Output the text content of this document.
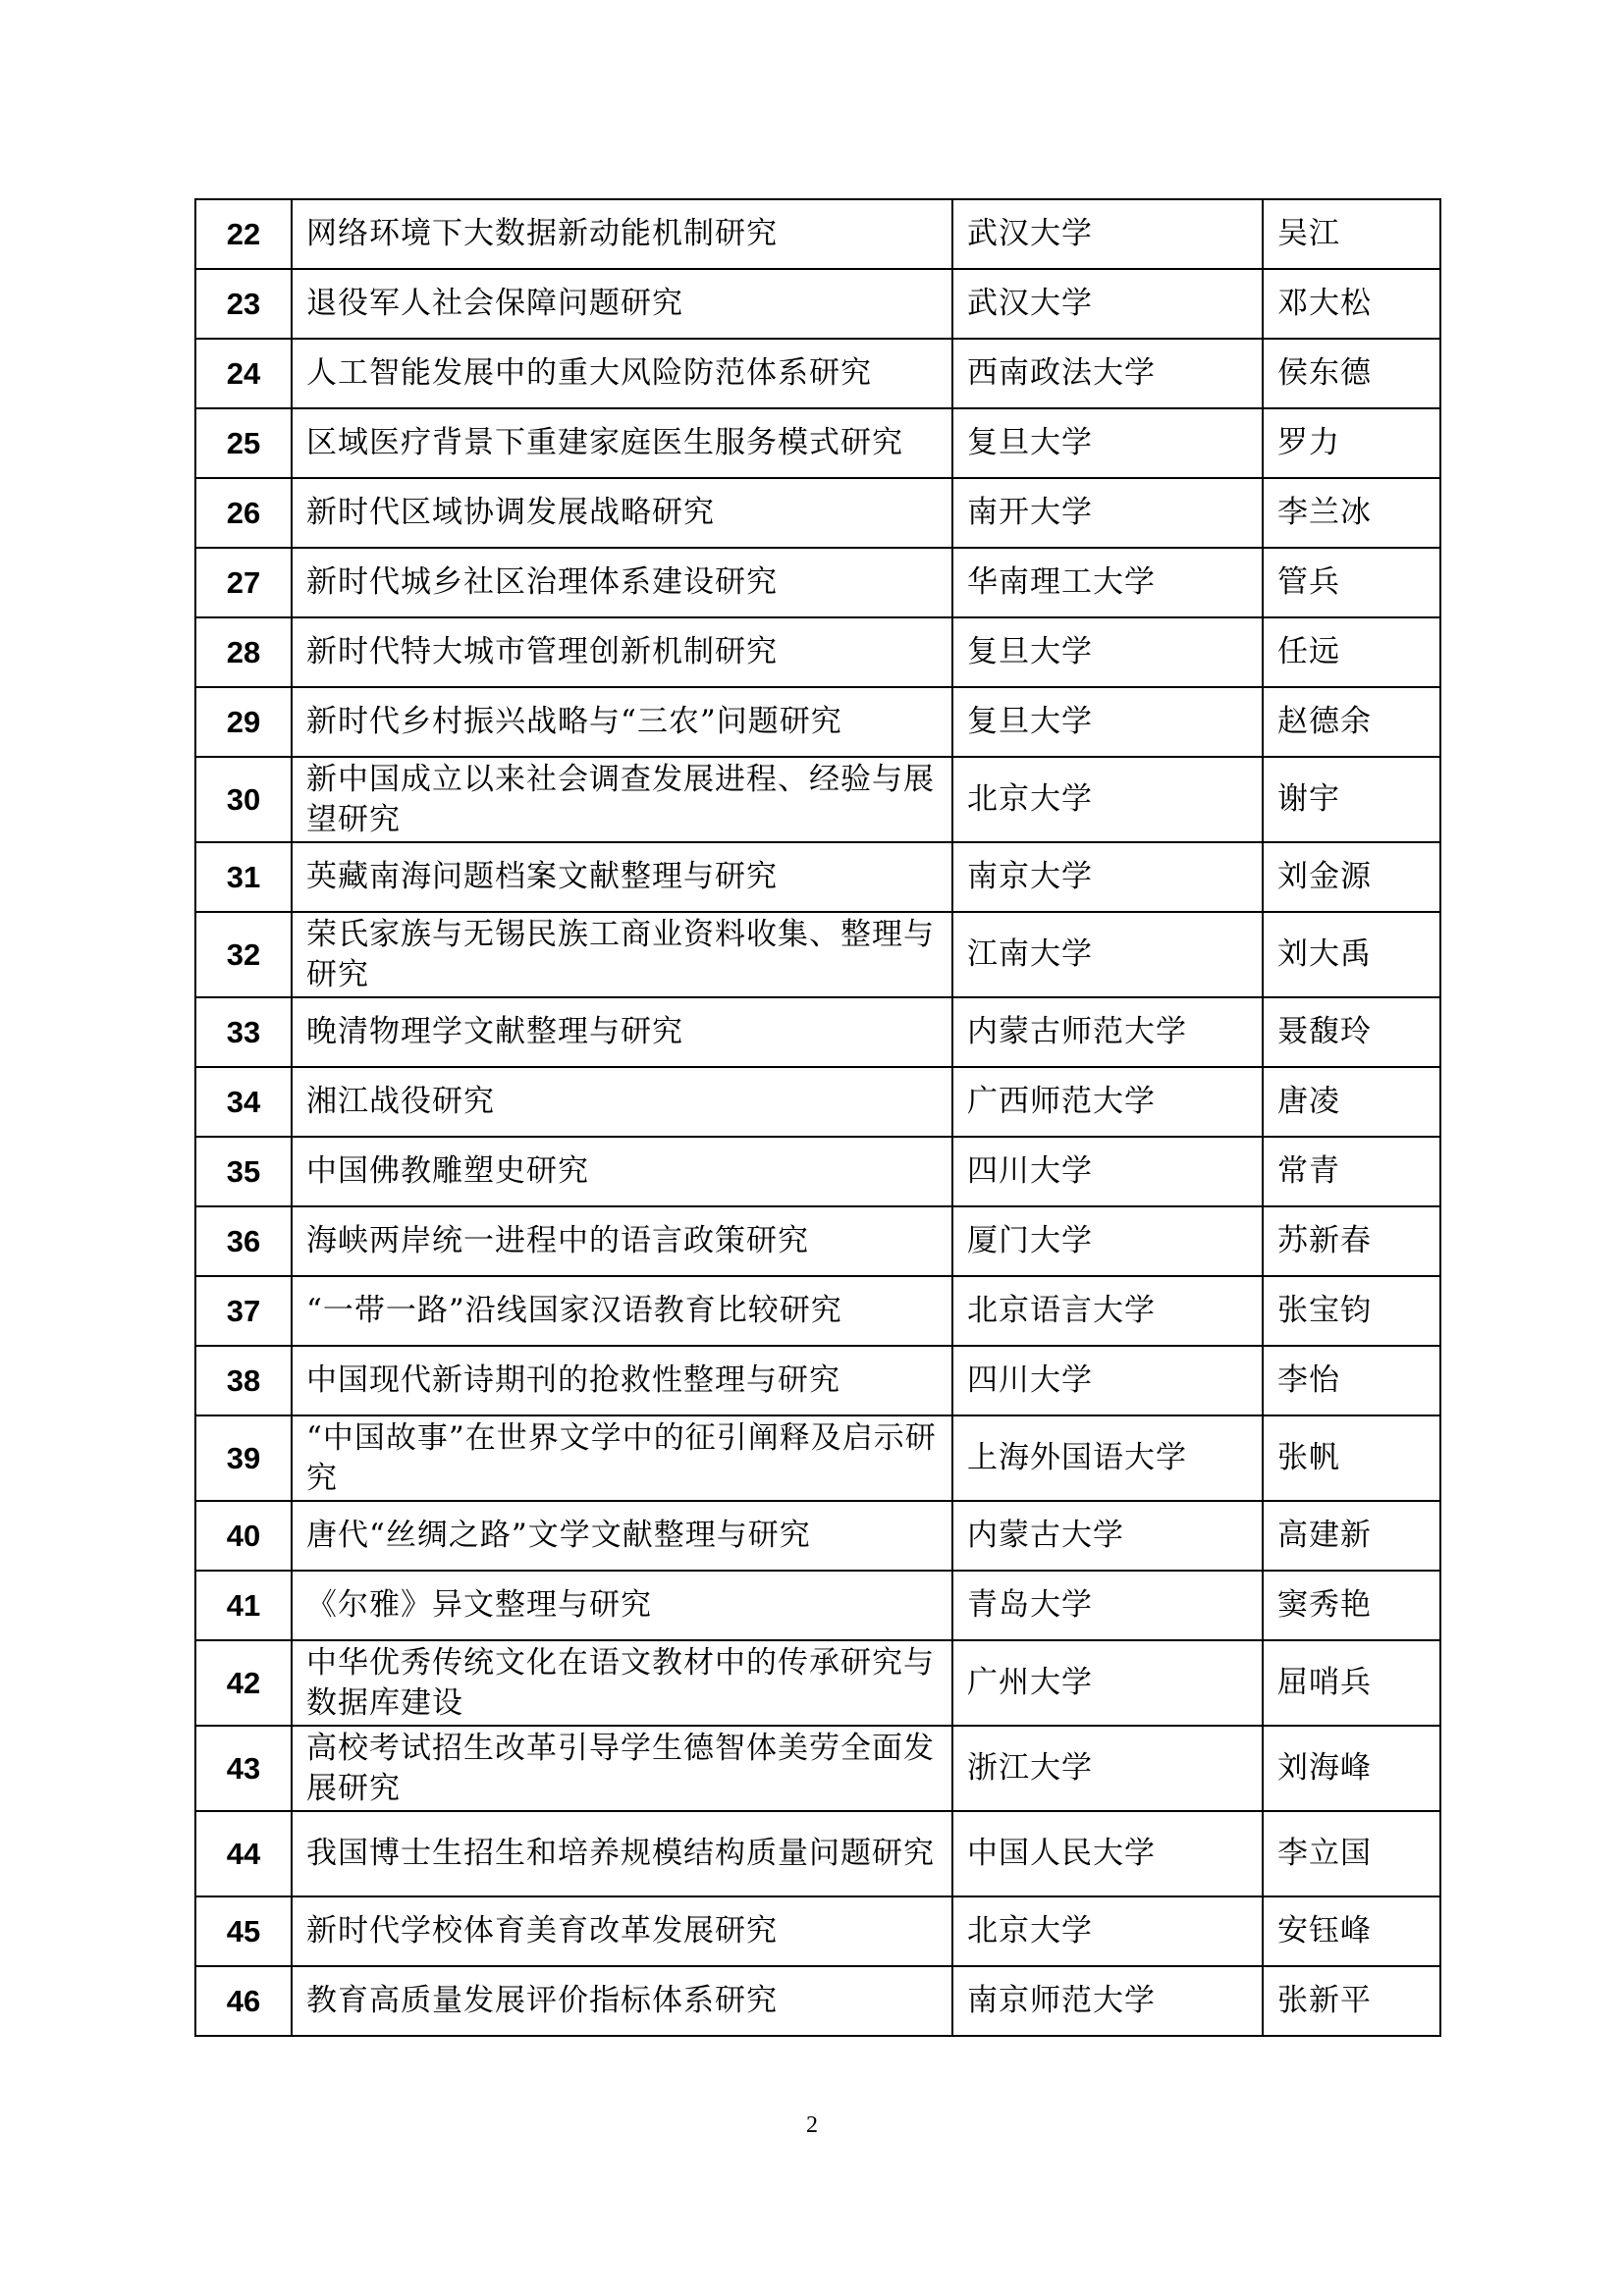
22	网络环境下大数据新动能机制研究	武汉大学	吴江
23	退役军人社会保障问题研究	武汉大学	邓大松
24	人工智能发展中的重大风险防范体系研究	西南政法大学	侯东德
25	区域医疗背景下重建家庭医生服务模式研究	复旦大学	罗力
26	新时代区域协调发展战略研究	南开大学	李兰冰
27	新时代城乡社区治理体系建设研究	华南理工大学	管兵
28	新时代特大城市管理创新机制研究	复旦大学	任远
29	新时代乡村振兴战略与“三农”问题研究	复旦大学	赵德余
30	新中国成立以来社会调查发展进程、经验与展望研究	北京大学	谢宇
31	英藏南海问题档案文献整理与研究	南京大学	刘金源
32	荣氏家族与无锡民族工商业资料收集、整理与研究	江南大学	刘大禹
33	晚清物理学文献整理与研究	内蒙古师范大学	聂馥玲
34	湘江战役研究	广西师范大学	唐凌
35	中国佛教雕塑史研究	四川大学	常青
36	海峡两岸统一进程中的语言政策研究	厦门大学	苏新春
37	“一带一路”沿线国家汉语教育比较研究	北京语言大学	张宝钧
38	中国现代新诗期刊的抢救性整理与研究	四川大学	李怡
39	“中国故事”在世界文学中的征引阐释及启示研究	上海外国语大学	张帆
40	唐代“丝绸之路”文学文献整理与研究	内蒙古大学	高建新
41	《尔雅》异文整理与研究	青岛大学	窦秀艳
42	中华优秀传统文化在语文教材中的传承研究与数据库建设	广州大学	屈哨兵
43	高校考试招生改革引导学生德智体美劳全面发展研究	浙江大学	刘海峰
44	我国博士生招生和培养规模结构质量问题研究	中国人民大学	李立国
45	新时代学校体育美育改革发展研究	北京大学	安钰峰
46	教育高质量发展评价指标体系研究	南京师范大学	张新平
2
